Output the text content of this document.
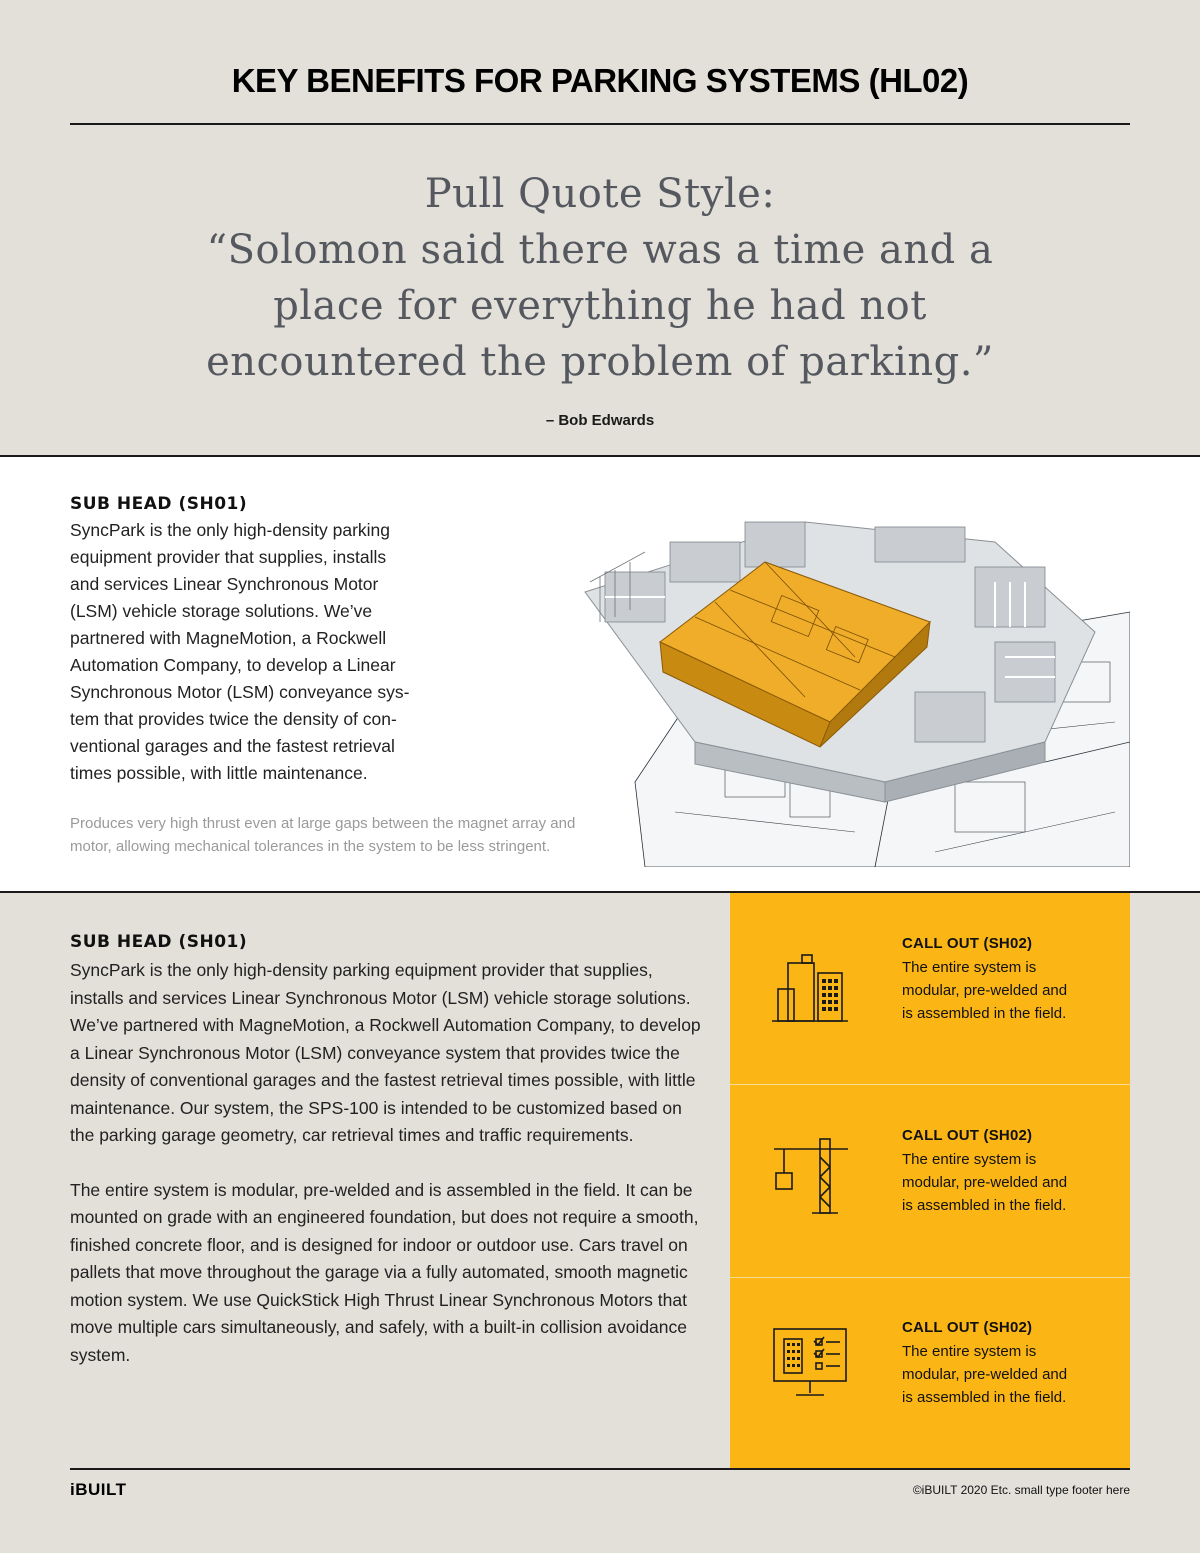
KEY BENEFITS FOR PARKING SYSTEMS (HL02)
Pull Quote Style:
“Solomon said there was a time and a
place for everything he had not
encountered the problem of parking.”
– Bob Edwards
SUB HEAD (SH01)
SyncPark is the only high-density parking
equipment provider that supplies, installs
and services Linear Synchronous Motor
(LSM) vehicle storage solutions. We’ve
partnered with MagneMotion, a Rockwell
Automation Company, to develop a Linear
Synchronous Motor (LSM) conveyance sys-
tem that provides twice the density of con-
ventional garages and the fastest retrieval
times possible, with little maintenance.
Produces very high thrust even at large gaps between the magnet array and
motor, allowing mechanical tolerances in the system to be less stringent.
SUB HEAD (SH01)

SyncPark is the only high-density parking equipment provider that supplies, installs and services Linear Synchronous Motor (LSM) vehicle storage solutions. We’ve partnered with MagneMotion, a Rockwell Automation Company, to develop a Linear Synchronous Motor (LSM) conveyance system that provides twice the density of conventional garages and the fastest retrieval times possible, with little maintenance. Our system, the SPS-100 is intended to be customized based on the parking garage geometry, car retrieval times and traffic requirements.

The entire system is modular, pre-welded and is assembled in the field. It can be mounted on grade with an engineered foundation, but does not require a smooth, finished concrete floor, and is designed for indoor or outdoor use. Cars travel on pallets that move throughout the garage via a fully automated, smooth magnetic motion system. We use QuickStick High Thrust Linear Synchronous Motors that move multiple cars simultaneously, and safely, with a built-in collision avoidance system.

CALL OUT (SH02)
The entire system is
modular, pre-welded and
is assembled in the field.
CALL OUT (SH02)
The entire system is
modular, pre-welded and
is assembled in the field.
CALL OUT (SH02)
The entire system is
modular, pre-welded and
is assembled in the field.
iBUILT	©iBUILT 2020 Etc. small type footer here
